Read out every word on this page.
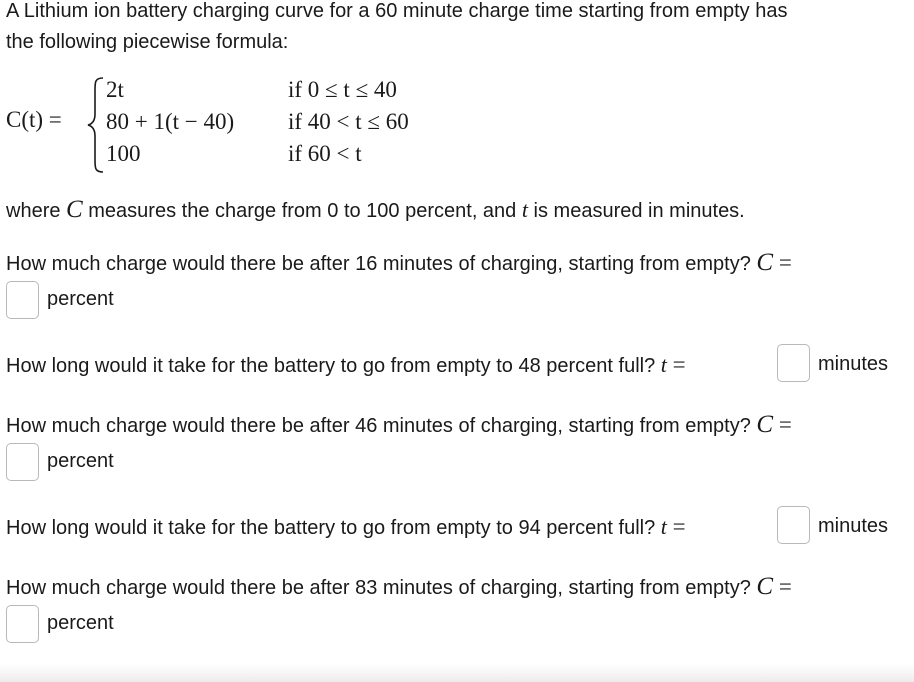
A Lithium ion battery charging curve for a 60 minute charge time starting from empty has
the following piecewise formula:
C(t) =
2t	if 0 ≤ t ≤ 40
80 + 1(t − 40) if 40 < t ≤ 60
100	if 60 < t
where C measures the charge from 0 to 100 percent, and t is measured in minutes.
How much charge would there be after 16 minutes of charging, starting from empty? C =
percent
How long would it take for the battery to go from empty to 48 percent full? t =	minutes
How much charge would there be after 46 minutes of charging, starting from empty? C =
percent
How long would it take for the battery to go from empty to 94 percent full? t =	minutes
How much charge would there be after 83 minutes of charging, starting from empty? C =
percent
